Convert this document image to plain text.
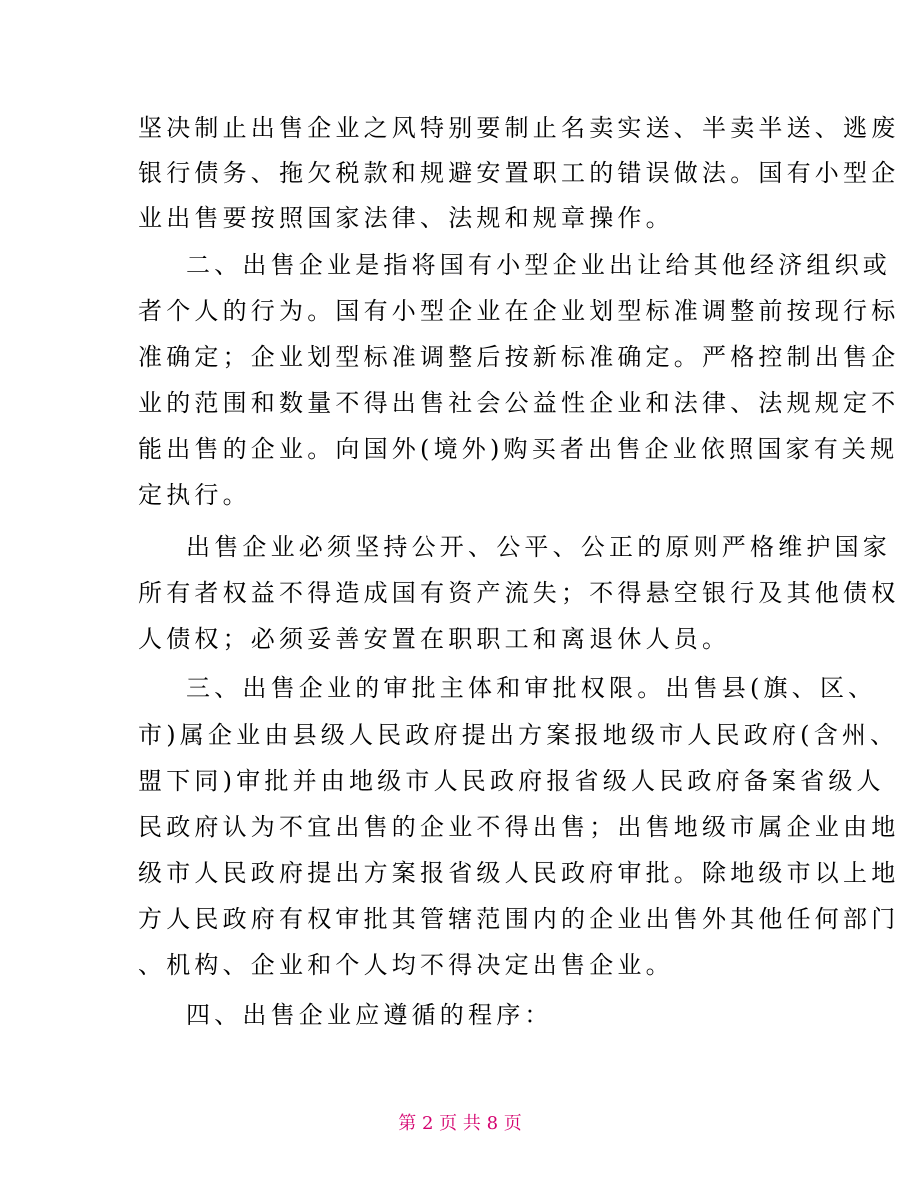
坚决制止出售企业之风特别要制止名卖实送、半卖半送、逃废
银行债务、拖欠税款和规避安置职工的错误做法。国有小型企
业出售要按照国家法律、法规和规章操作。
二、出售企业是指将国有小型企业出让给其他经济组织或
者个人的行为。国有小型企业在企业划型标准调整前按现行标
准确定；企业划型标准调整后按新标准确定。严格控制出售企
业的范围和数量不得出售社会公益性企业和法律、法规规定不
能出售的企业。向国外(境外)购买者出售企业依照国家有关规
定执行。
出售企业必须坚持公开、公平、公正的原则严格维护国家
所有者权益不得造成国有资产流失；不得悬空银行及其他债权
人债权；必须妥善安置在职职工和离退休人员。
三、出售企业的审批主体和审批权限。出售县(旗、区、
市)属企业由县级人民政府提出方案报地级市人民政府(含州、
盟下同)审批并由地级市人民政府报省级人民政府备案省级人
民政府认为不宜出售的企业不得出售；出售地级市属企业由地
级市人民政府提出方案报省级人民政府审批。除地级市以上地
方人民政府有权审批其管辖范围内的企业出售外其他任何部门
、机构、企业和个人均不得决定出售企业。
四、出售企业应遵循的程序：
第 2 页 共 8 页
